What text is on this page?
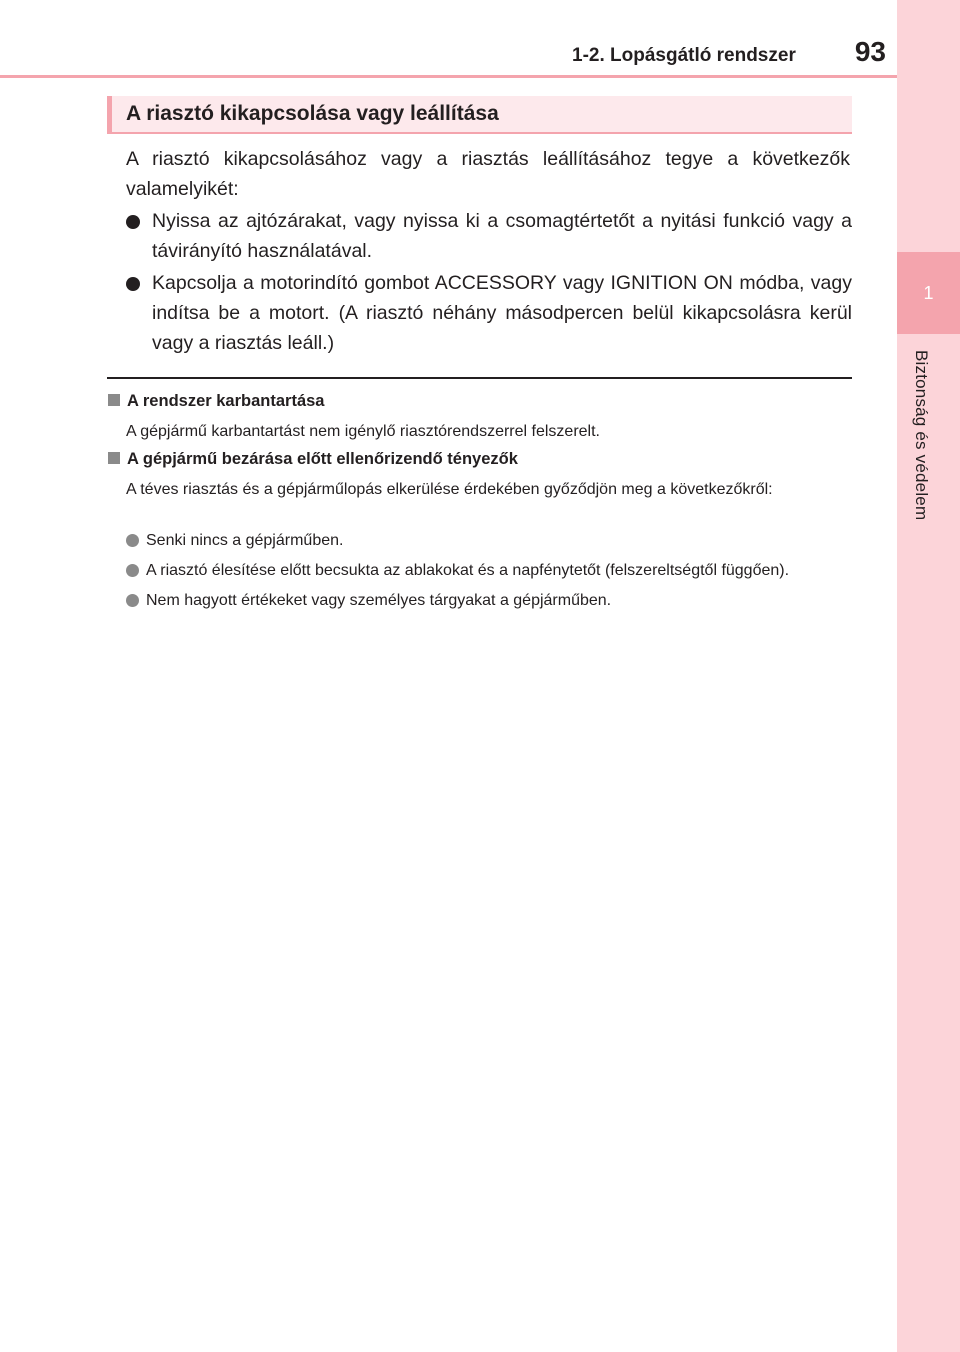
1
Biztonság és védelem
1-2. Lopásgátló rendszer	93
A riasztó kikapcsolása vagy leállítása

A riasztó kikapcsolásához vagy a riasztás leállításához tegye a következők valamelyikét:

Nyissa az ajtózárakat, vagy nyissa ki a csomagtértetőt a nyitási funkció vagy a távirányító használatával.
Kapcsolja a motorindító gombot ACCESSORY vagy IGNITION ON módba, vagy indítsa be a motort. (A riasztó néhány másodpercen belül kikapcsolásra kerül vagy a riasztás leáll.)
A rendszer karbantartása

A gépjármű karbantartást nem igénylő riasztórendszerrel felszerelt.

A gépjármű bezárása előtt ellenőrizendő tényezők

A téves riasztás és a gépjárműlopás elkerülése érdekében győződjön meg a következőkről:

Senki nincs a gépjárműben.
A riasztó élesítése előtt becsukta az ablakokat és a napfénytetőt (felszereltségtől függően).
Nem hagyott értékeket vagy személyes tárgyakat a gépjárműben.
